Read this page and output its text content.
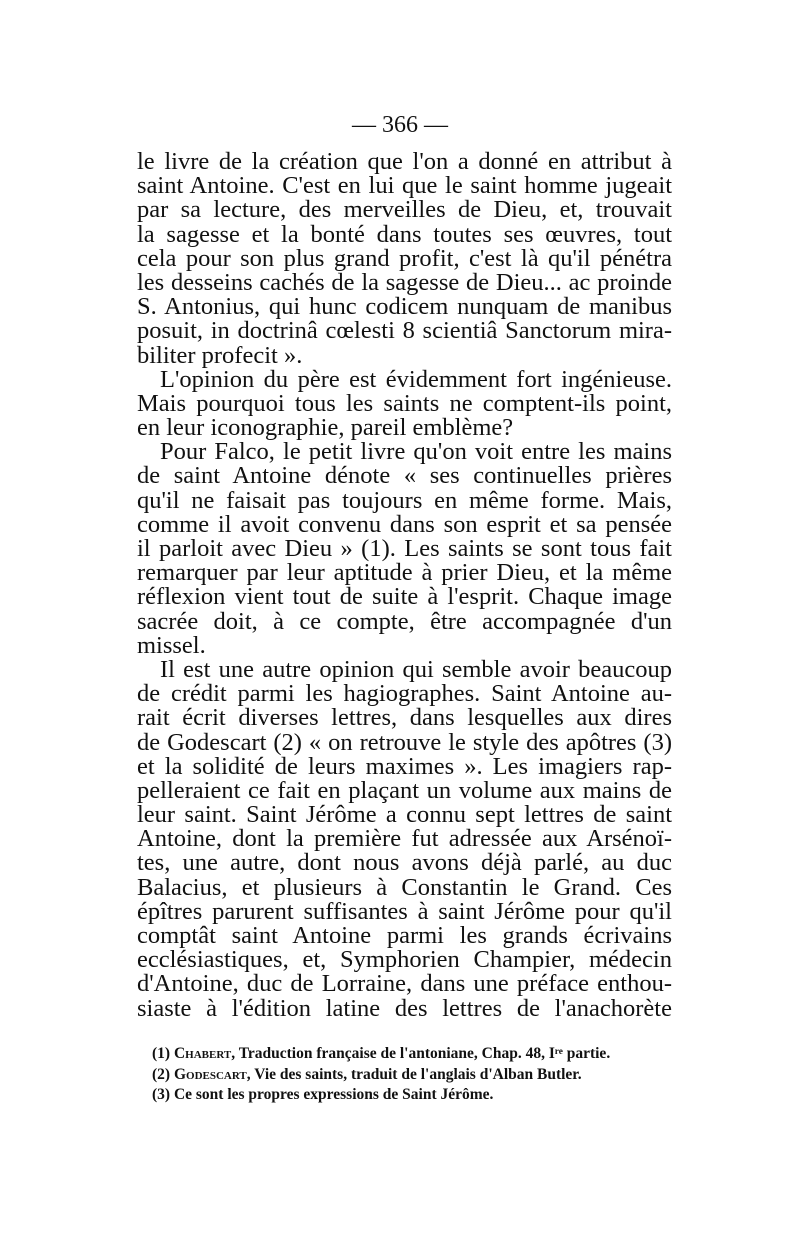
— 366 —
le livre de la création que l'on a donné en attribut à
saint Antoine. C'est en lui que le saint homme jugeait
par sa lecture, des merveilles de Dieu, et, trouvait
la sagesse et la bonté dans toutes ses œuvres, tout
cela pour son plus grand profit, c'est là qu'il pénétra
les desseins cachés de la sagesse de Dieu... ac proinde
S. Antonius, qui hunc codicem nunquam de manibus
posuit, in doctrinâ cœlesti 8 scientiâ Sanctorum mira-
biliter profecit ».
L'opinion du père est évidemment fort ingénieuse.
Mais pourquoi tous les saints ne comptent-ils point,
en leur iconographie, pareil emblème?
Pour Falco, le petit livre qu'on voit entre les mains
de saint Antoine dénote « ses continuelles prières
qu'il ne faisait pas toujours en même forme. Mais,
comme il avoit convenu dans son esprit et sa pensée
il parloit avec Dieu » (1). Les saints se sont tous fait
remarquer par leur aptitude à prier Dieu, et la même
réflexion vient tout de suite à l'esprit. Chaque image
sacrée doit, à ce compte, être accompagnée d'un
missel.
Il est une autre opinion qui semble avoir beaucoup
de crédit parmi les hagiographes. Saint Antoine au-
rait écrit diverses lettres, dans lesquelles aux dires
de Godescart (2) « on retrouve le style des apôtres (3)
et la solidité de leurs maximes ». Les imagiers rap-
pelleraient ce fait en plaçant un volume aux mains de
leur saint. Saint Jérôme a connu sept lettres de saint
Antoine, dont la première fut adressée aux Arsénoï-
tes, une autre, dont nous avons déjà parlé, au duc
Balacius, et plusieurs à Constantin le Grand. Ces
épîtres parurent suffisantes à saint Jérôme pour qu'il
comptât saint Antoine parmi les grands écrivains
ecclésiastiques, et, Symphorien Champier, médecin
d'Antoine, duc de Lorraine, dans une préface enthou-
siaste à l'édition latine des lettres de l'anachorète
(1) Chabert, Traduction française de l'antoniane, Chap. 48, Iʳᵉ partie.
(2) Godescart, Vie des saints, traduit de l'anglais d'Alban Butler.
(3) Ce sont les propres expressions de Saint Jérôme.
